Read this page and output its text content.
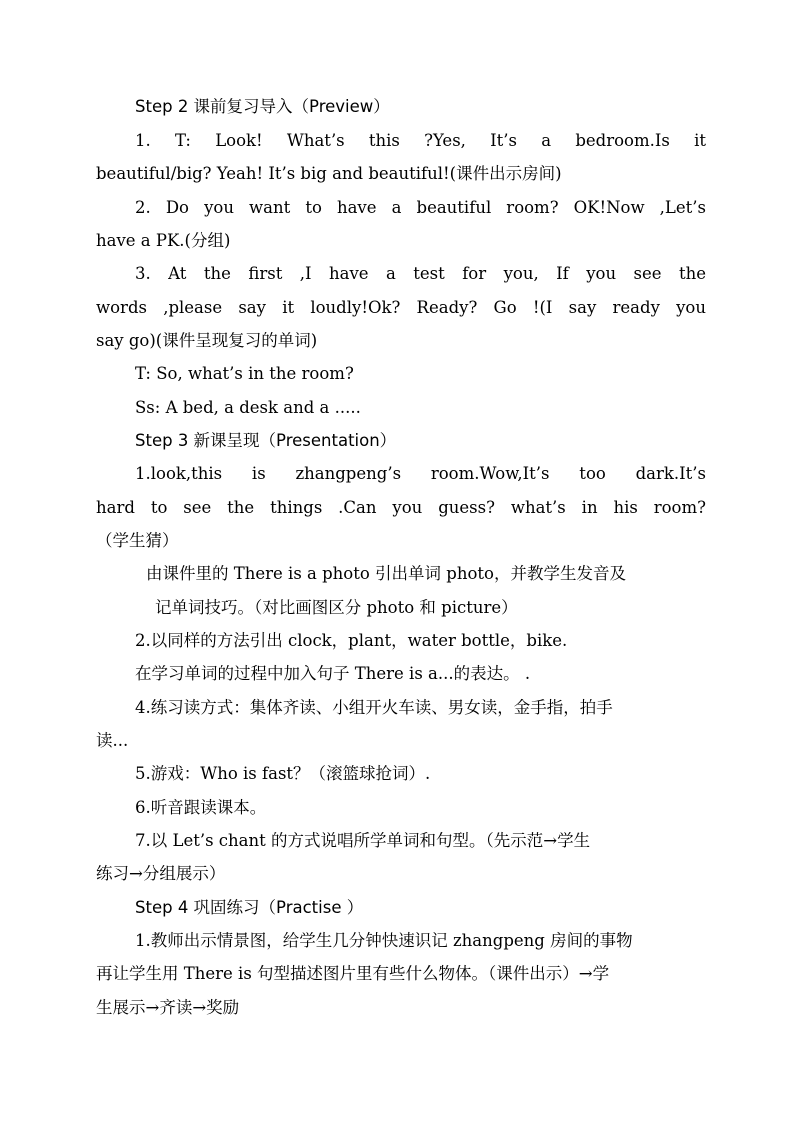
Step 2 课前复习导入（Preview）
1. T: Look! What’s this ?Yes, It’s a bedroom.Is it
beautiful/big? Yeah! It’s big and beautiful!(课件出示房间)
2. Do you want to have a beautiful room? OK!Now ,Let’s
have a PK.(分组)
3. At the first ,I have a test for you, If you see the
words ,please say it loudly!Ok? Ready? Go !(I say ready you
say go)(课件呈现复习的单词)
T: So, what’s in the room?
Ss: A bed, a desk and a .....
Step 3 新课呈现（Presentation）
1.look,this is zhangpeng’s room.Wow,It’s too dark.It’s
hard to see the things .Can you guess? what’s in his room?
（学生猜）
由课件里的 There is a photo 引出单词 photo，并教学生发音及
记单词技巧。（对比画图区分 photo 和 picture）
2.以同样的方法引出 clock，plant，water bottle，bike.
在学习单词的过程中加入句子 There is a...的表达。 .
4.练习读方式：集体齐读、小组开火车读、男女读，金手指，拍手
读...
5.游戏：Who is fast？（滚篮球抢词）.
6.听音跟读课本。
7.以 Let’s chant 的方式说唱所学单词和句型。（先示范→学生
练习→分组展示）
Step 4 巩固练习（Practise ）
1.教师出示情景图，给学生几分钟快速识记 zhangpeng 房间的事物
再让学生用 There is 句型描述图片里有些什么物体。（课件出示）→学
生展示→齐读→奖励
